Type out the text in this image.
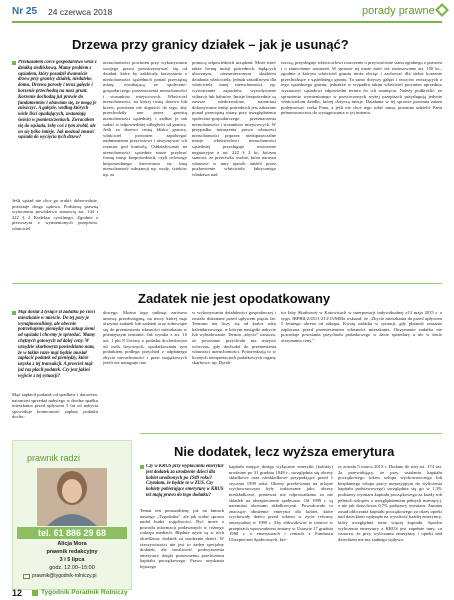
Nr 25 24 czerwca 2018	porady prawne
Drzewa przy granicy działek – jak je usunąć?
Przekazałem córce gospodarstwo wraz z działką siedliskową. Mamy problem z sąsiadem, który posadził dwanaście drzew przy granicy działek, niedaleko domu. Drzewa porosły i teraz gałęzie i korzenie przechodzą na nasz grunt. Korzenie dochodzą już prawie do fundamentów i obawiam się, że mogą je zniszczyć. A gałęzie, według których wiele liści opadających, zostaniają świeżo w pomieszczeniach. Zwracałem się do sąsiada, żeby coś z tym zrobił, ale on się tylko śmieje. Jak możnaż zmusić sąsiada do wycięcia tych drzew?
Jeśli sąsiad nie chce go zrobić dobrowolnie, pozostaje droga sądowa. Podstawę prawną wytoczenia powództwa stanowią art. 144 i 222 § 2 Kodeksu cywilnego. Zgodnie z pierwszym z wymienionych przepisów, właściciel
nieruchomości powinien przy wykonywaniu swojego prawa powstrzymywać się od działań, które by zakłócały korzystanie z nieruchomości sąsiednich ponad przeciętną miarę, wynikającą ze społeczno-gospodarczego przeznaczenia nieruchomości i stosunków miejscowych. Właściciel nieruchomości, na której rosną drzewa lub krzew, powinien nie dopuścić do tego, aby przechodziły one przez granicę nieruchomości sąsiedniej, i zadbać je tak sadzić w odpowiedniej odległości od granicy. Jeśli za drzewo rosną blisko granicy, właściciel powinien zapobiegać nadmiernemu przyrostowi i utrzymywać ich rozmiar pod kontrolą. Oddziaływanie na nieruchomości sąsiednie może przybrać formę imisji bezpośrednich, czyli celowego bezpośredniego kierowania na inną nieruchomość substancji np. wody, ścieków itp. za
pomocą odpowiednich urządzeń. Może mieć także formę imisji pośrednich, będących ubocznym, niezamierzonym skutkiem działania właściciela, jednak szkodliwym dla właściciela innej nieruchomości, np. wytwarzanie zapachów, wywoływanie wibracji lub hałasów. Imisje bezpośrednie są zawsze niedozwolone, natomiast dokonywanie imisji pośrednich jest zakazane ponad przeciętną miarę przy uwzględnieniu społeczno-gospodarczego przeznaczenia nieruchomości i stosunków miejscowych. W przypadku naruszenia prawa własności nieruchomości poprzez niedopuszczalne imisje właścicielowi nieruchomości sąsiedniej przysługuje roszczenie negatoryjne z art. 222 § 2 kc, którym stanowi, że przeciwko osobie, która narusza własność w inny sposób aniżeli przez pozbawienie właściciela faktycznego władztwa nad
rzeczą, przysługuje właścicielowi roszczenie o przywrócenie stanu zgodnego z prawem i o zaniechanie naruszeń. W sprawie tej może mieć też zastosowanie art. 150 kc., zgodnie z którym właściciel gruntu może obciąć i zachować dla siebie korzenie przechodzące z sąsiedniego gruntu. To samo dotyczy gałęzi i owoców zwisających z tego sąsiedniego gruntu; jednakże w wypadku takim właściciel powinien uprzednio wyznaczyć sąsiadowi odpowiedni termin do ich usunięcia. Należy podkreślić, że sprawienie wymienionego w przytoczonych wyżej przepisach przysługują jedynie właścicielom działki, której dotyczą imisje. Działania w tej sprawie powinna zatem podejmować córka Pana, a jeśli nie chce tego robić sama, powinna udzielić Panu pełnomocnictwa do występowania w jej imieniu.
Zadatek nie jest opodatkowany
Mąż dostał 4 tysiące zł zadatku po cioci mieszkanie w mieście. Do tej pory je wynajmowaliśmy, ale obecnie potrzebujemy pieniędzy na zakup ziemi od sąsiada i chcemy je sprzedać. Mamy chętnych gotowych od dalej ceny. W urzędzie skarbowym powiedziano nam, że w takim razie mąż będzie musiał zapłacić podatek od pieniędzy, które uzyska z tej transakcji. A przecież mąż już raz płacił podatek. Czy jest jakieś wyjście z tej sytuacji?
Mąż zapłacił podatek od spadków i darowizn, natomiast sprzedaż nabytego w drodze spadku mieszkania przed upływem 5 lat od nabycia spowoduje konieczność zapłaty podatku docho-
dowego. Można tego uniknąć zarówno umowę przedwstępną, na mocy której mąż otrzyma zadatek lub zadatek oraz zobowiąże się do przeniesienia własności mieszkania w późniejszym terminie. Jak wynika z art. 10 ust. 1 pkt 8 Ustawy o podatku dochodowym od osób fizycznych, opodatkowaniu tym podatkiem podlega przychód z odpłatnego zbycia nieruchomości i praw majątkowych jeżeli nie następuje ono
w wykonywaniu działalności gospodarczej i zostało dokonane przed upływem pięciu lat. Terminu ten liczy się od końca roku kalendarzowego, w którym nastąpiło nabycie lub wybudowanie. Termin „zbycie” oznacza, że powstanie przychodu ma miejsce wówczas, gdy dochodzi do przeniesienia własności nieruchomości. Potwierdzają to w licznych interpretacjach podatkowych organy skarbowe, np. Dyrek-
tor Izby Skarbowej w Katowicach w interpretacji indywidualnej z13 maja 2015 r. o sygn. IBPBII/2/4511-213/15/MMa wskazał, że „Zbycie mieszkania da przed upływem 5 letniego okresu od zakupu. Kwotę zadatku w sytuacji, gdy płatność zostanie zaplacona przed przeniesieniem własności mieszkania. Otrzymanie zadatku nie powoduje powstania przychodu podatkowego w dacie sprzedaży a nie w dacie otrzymania ceny.”
prawnik radzi
tel. 61 886 29 68
Alicja Mora
prawnik redakcyjny
3 i 5 lipca
godz. 12.00–15:00
prawnik@tygodnik-rolniczy.pl
Nie dodatek, lecz wyższa emerytura
Czy w KRUS przy wyplacaniu emerytur jest dodatek za urodzenie dzieci dla kobiet urodzonych po 1949 roku? Czytałam, że będzie to w ZUS. Czy kobiety pobierające emeryturę w KRUS też mają prawo do tego dodatku?
Temat ten poruszaliśmy już na łamach naszego „Tygodnika”, ale jak widać sprawa nadal budzi wątpliwości. Być może z powodu informacji podawanych w różnego rodzaju mediach. Błędnie użyte są w nich określenia: dodatek za urodzenie dzieci. W rzeczywistości nie jest to żaden specjalny dodatek, ale możliwość podwyższenia emerytury dzięki ponownemu przeliczeniu kapitału początkowego. Prawo uzyskania lepszego
kapitału mające dostęp wyłącznie emerytki (kobiety) urodzone po 31 grudnia 1948 r., uwzględnia się okresy składkowe oraz nieskładkowe przypadające przed 1 stycznia 1999 roku. Okresy przebywania na urlopie wychowawczym były traktowane jako okresy nieskładkowe, ponieważ nie odprowadzano za nie składek na ubezpieczenie społeczne. Od 1999 r. są natomiast okresami składkowymi. Powodowało to znaczące obniżenie emerytur dla kobiet, które wychowały dzieci przed rokiem w życie reformy emerytalnej w 1999 r. Aby zlikwidować te różnice w przepisach wprowadzono zmiany w Ustawie 17 grudnia 1998 r. o emeryturach i rentach z Funduszu Ubezpieczeń Społecznych, któ-
ra została 5 marca 2015 r. Dodano do niej art. 174 ust. 2a przewidujący, że przy ustalaniu kapitału początkowego (okres urlopu wychowawczego lub bezpłatnego urlopu pracy nieprzyjętym do wyliczenia kapitału podstawowego) uwzględnia się go w 1,3% podstawy wymiaru kapitału początkowego za każdy rok pełnych urlopów z uwzględnieniem pełnych miesięcy), a nie jak dotychczas 0,7% podstawy wymiaru. Zmiana zasad obliczania kapitału początkowego za okres opieki nad dzieckiem wpłynęła na wysokość każdej emerytury, który uwzględnia teraz więcej kapitału. Spoobu wyliczenia emerytury z KRUS jest zupełnie inny, co oznacza, że przy wyliczaniu emerytury i opieki nad dzieckiem nie ma żadnego wpływu.
12	Tygodnik Poradnik Rolniczy
